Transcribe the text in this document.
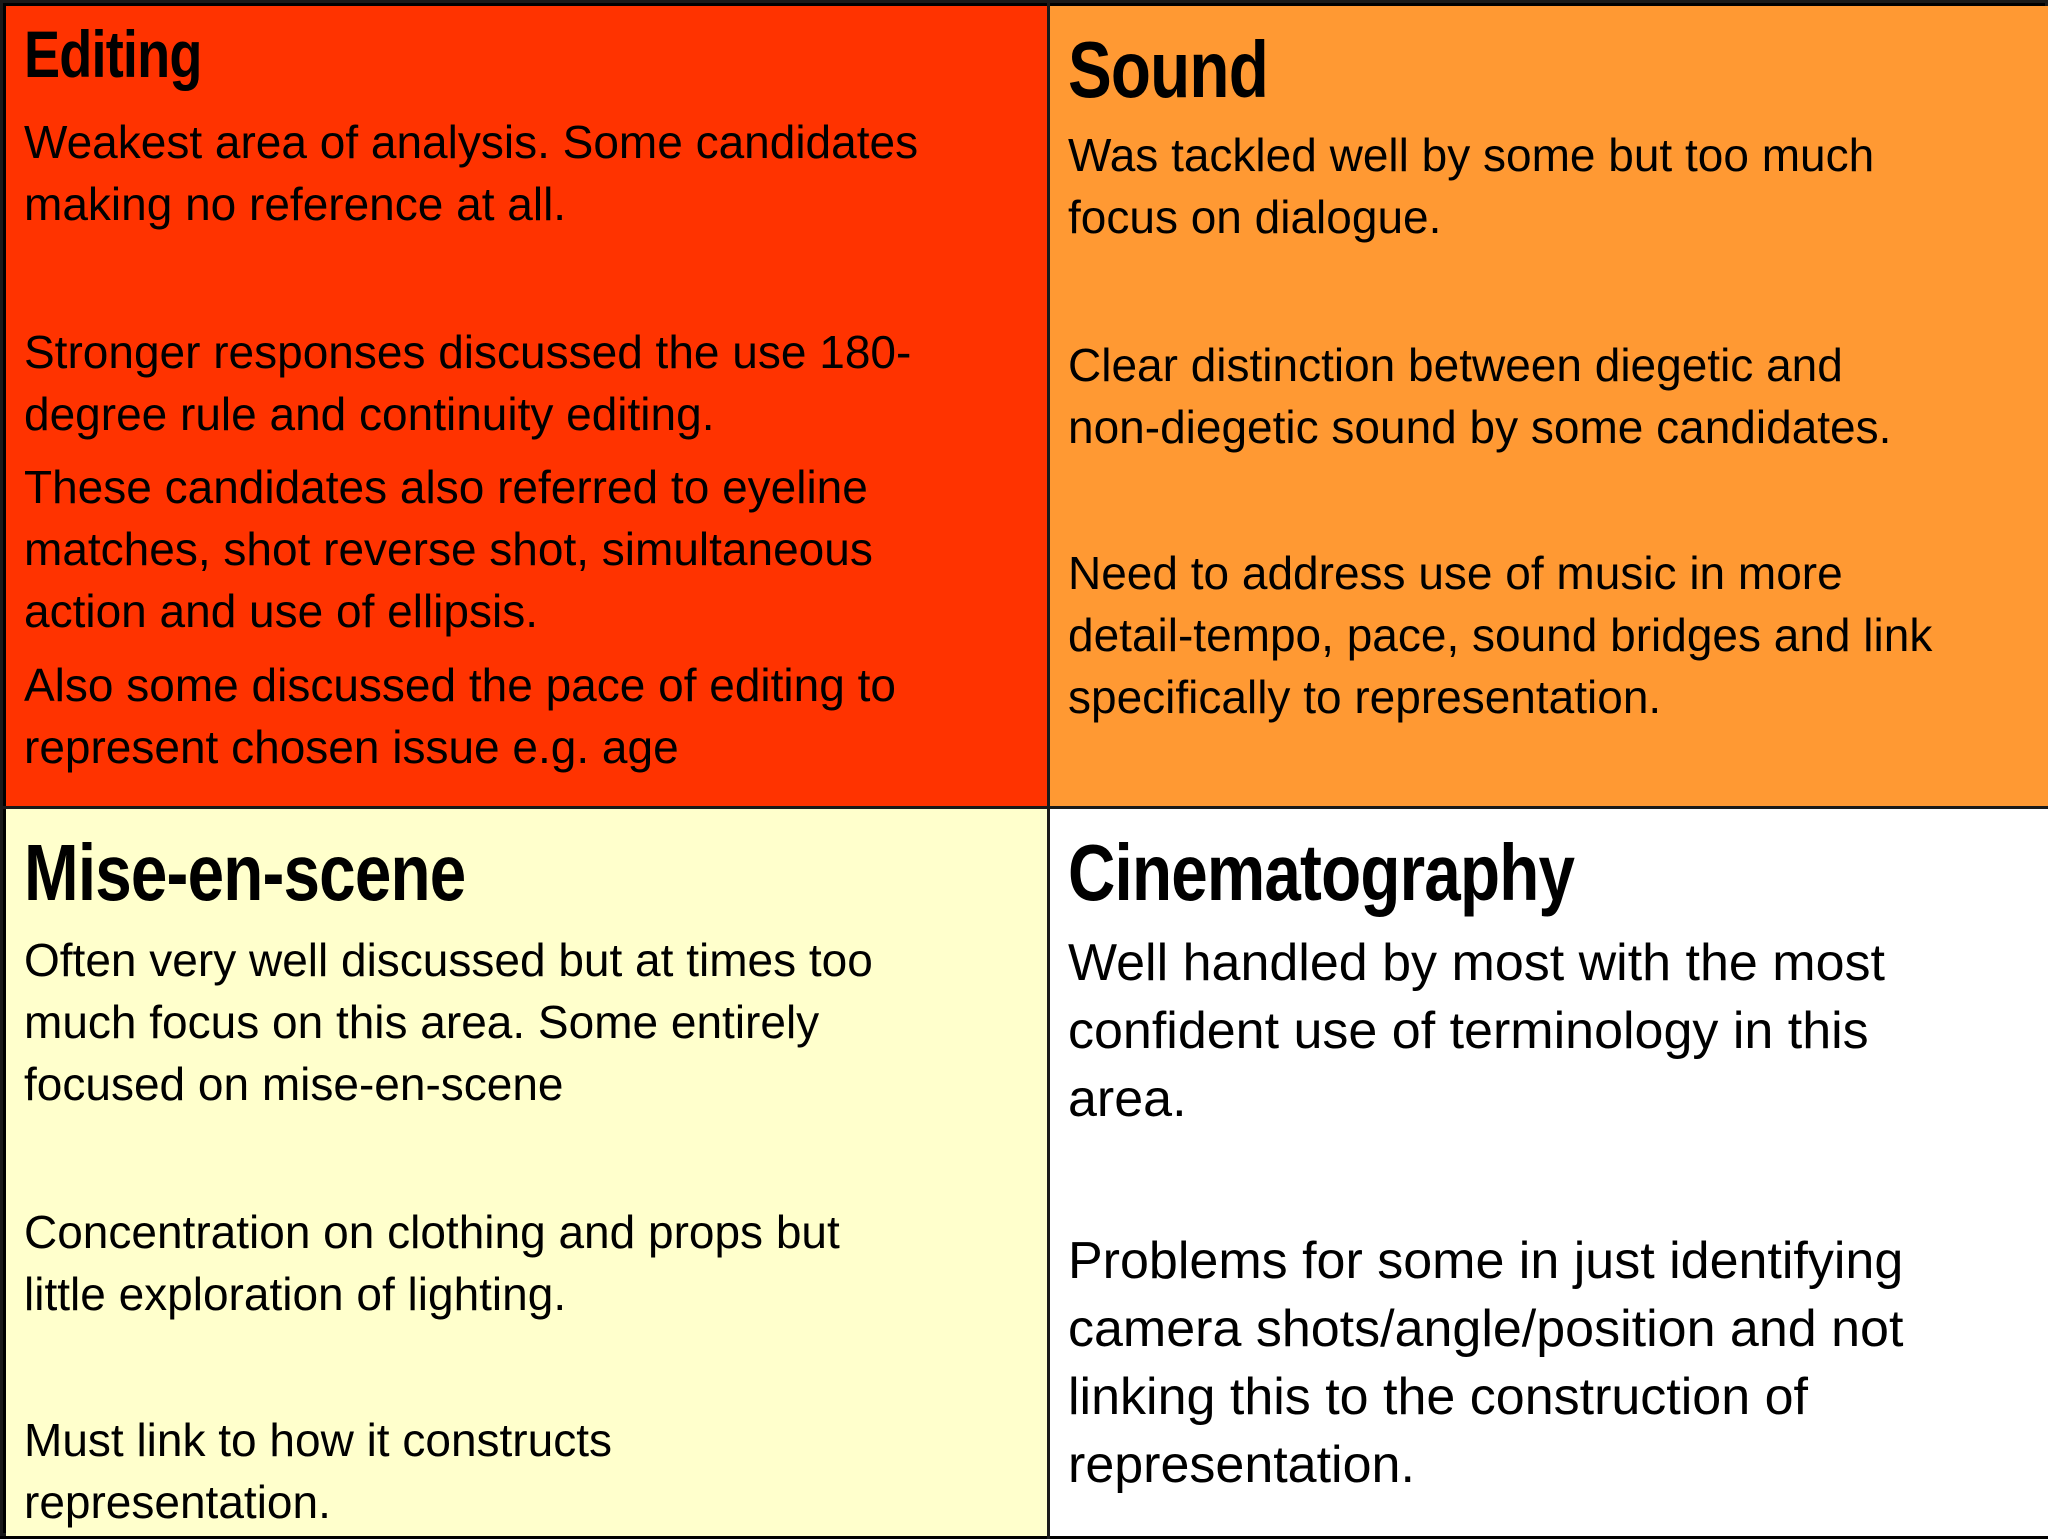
Editing

Weakest area of analysis. Some candidates
making no reference at all.

Stronger responses discussed the use 180-
degree rule and continuity editing.

These candidates also referred to eyeline
matches, shot reverse shot, simultaneous
action and use of ellipsis.

Also some discussed the pace of editing to
represent chosen issue e.g. age

Sound

Was tackled well by some but too much
focus on dialogue.

Clear distinction between diegetic and
non-diegetic sound by some candidates.

Need to address use of music in more
detail-tempo, pace, sound bridges and link
specifically to representation.

Mise-en-scene

Often very well discussed but at times too
much focus on this area. Some entirely
focused on mise-en-scene

Concentration on clothing and props but
little exploration of lighting.

Must link to how it constructs
representation.

Cinematography

Well handled by most with the most
confident use of terminology in this
area.

Problems for some in just identifying
camera shots/angle/position and not
linking this to the construction of
representation.
